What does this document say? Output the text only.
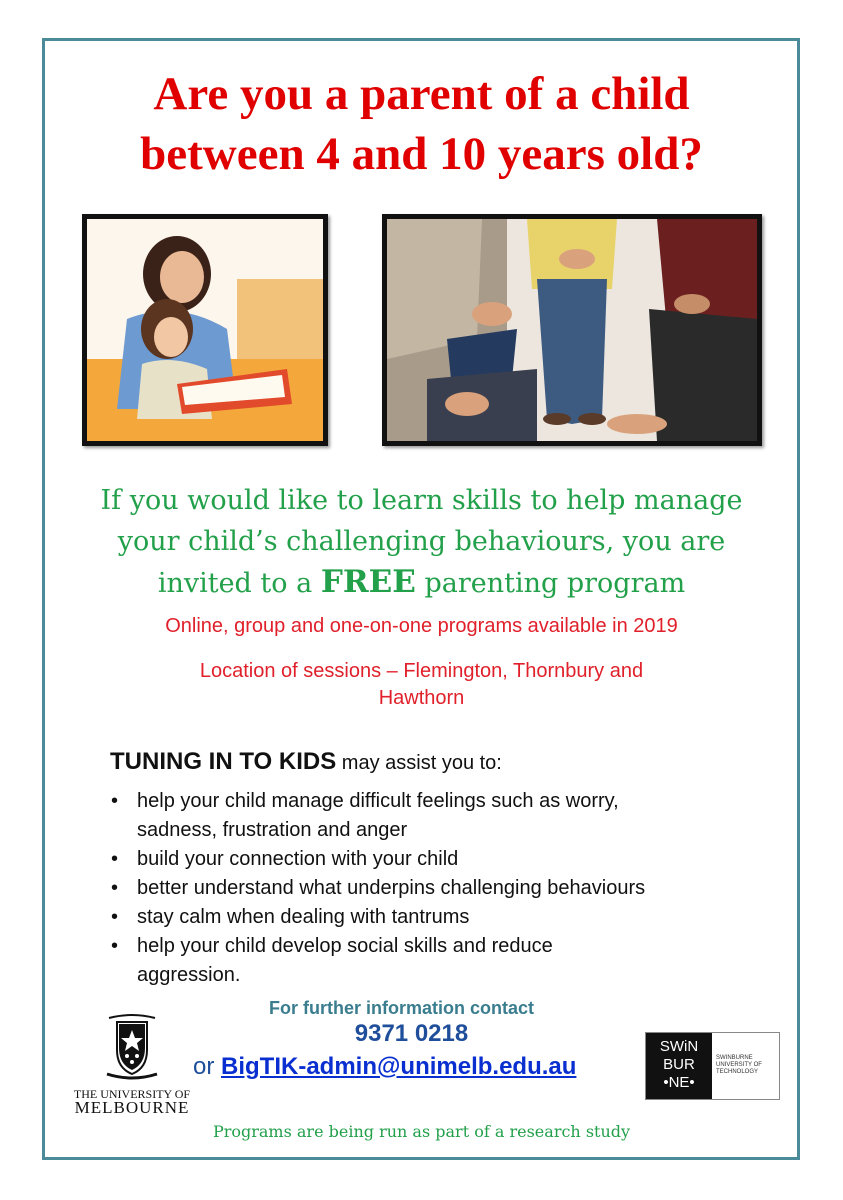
Are you a parent of a child
between 4 and 10 years old?
If you would like to learn skills to help manage
your child’s challenging behaviours, you are
invited to a FREE parenting program
Online, group and one-on-one programs available in 2019
Location of sessions – Flemington, Thornbury and
Hawthorn
TUNING IN TO KIDS may assist you to:
• help your child manage difficult feelings such as worry,
sadness, frustration and anger
• build your connection with your child
• better understand what underpins challenging behaviours
• stay calm when dealing with tantrums
• help your child develop social skills and reduce
aggression.
For further information contact
9371 0218
or BigTIK-admin@unimelb.edu.au
THE UNIVERSITY OF
MELBOURNE
SWiN
BUR
•NE•
SWINBURNE
UNIVERSITY OF
TECHNOLOGY
Programs are being run as part of a research study
